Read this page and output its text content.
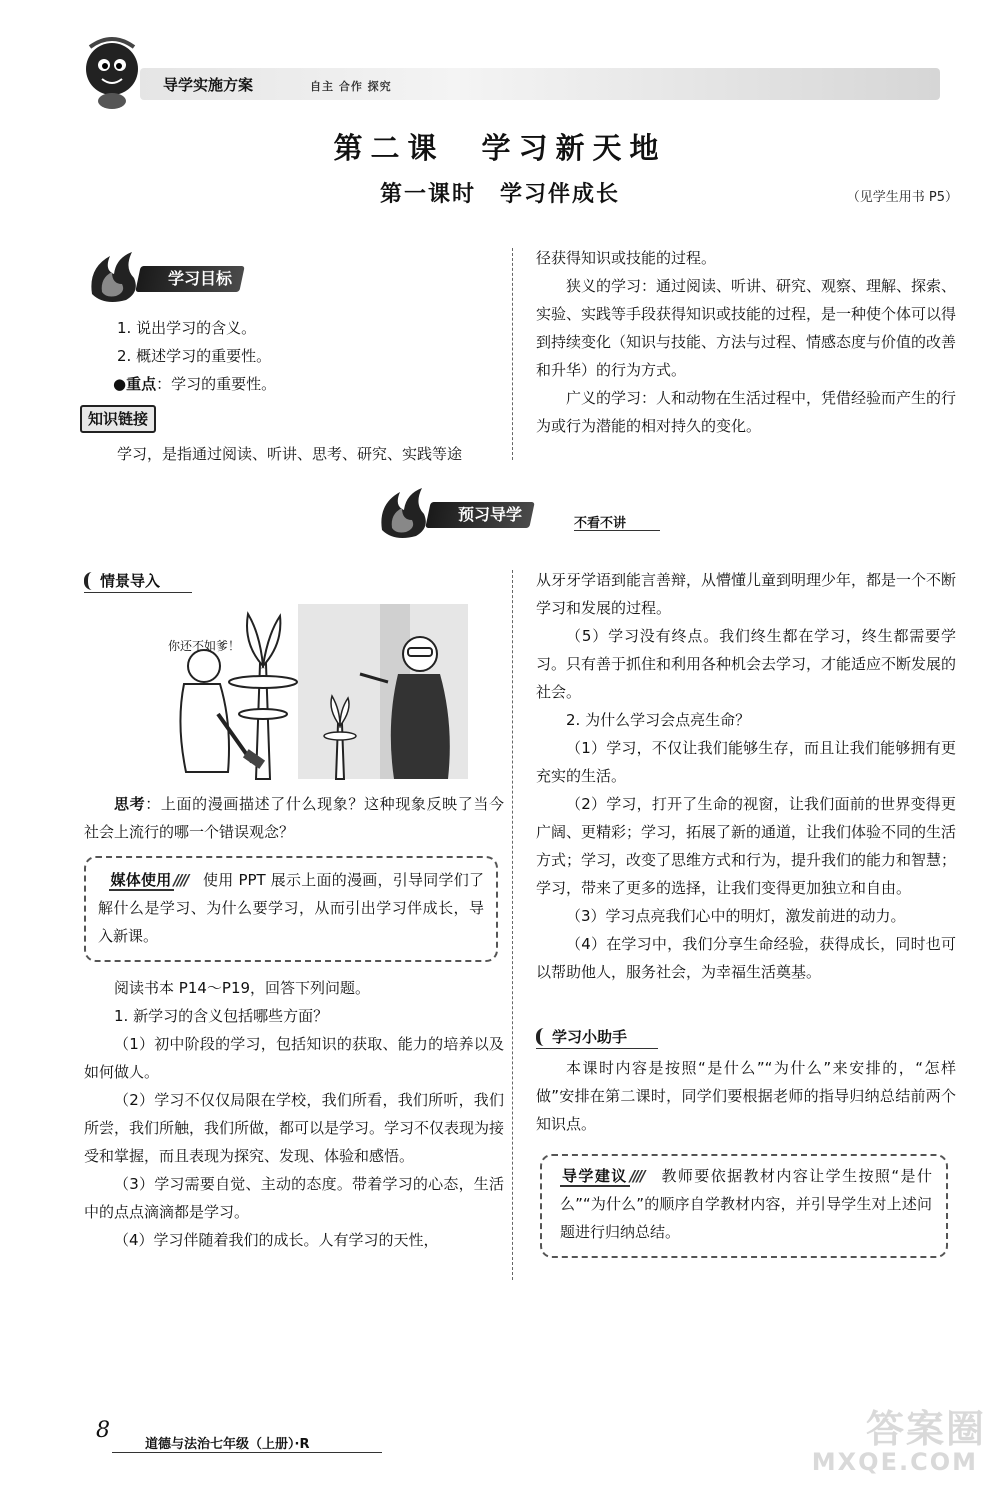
导学实施方案	自主 合作 探究
第二课　学习新天地
第一课时　学习伴成长	（见学生用书 P5）
学习目标

1. 说出学习的含义。

2. 概述学习的重要性。

●重点：学习的重要性。

知识链接
学习，是指通过阅读、听讲、思考、研究、实践等途

径获得知识或技能的过程。

狭义的学习：通过阅读、听讲、研究、观察、理解、探索、实验、实践等手段获得知识或技能的过程，是一种使个体可以得到持续变化（知识与技能、方法与过程、情感态度与价值的改善和升华）的行为方式。

广义的学习：人和动物在生活过程中，凭借经验而产生的行为或行为潜能的相对持久的变化。

预习导学	不看不讲
情景导入
你还不如爹！

思考：上面的漫画描述了什么现象？这种现象反映了当今社会上流行的哪一个错误观念？

媒体使用 ////　 使用 PPT 展示上面的漫画，引导同学们了解什么是学习、为什么要学习，从而引出学习伴成长，导入新课。

阅读书本 P14～P19，回答下列问题。

1. 新学习的含义包括哪些方面？

（1）初中阶段的学习，包括知识的获取、能力的培养以及如何做人。

（2）学习不仅仅局限在学校，我们所看，我们所听，我们所尝，我们所触，我们所做，都可以是学习。学习不仅表现为接受和掌握，而且表现为探究、发现、体验和感悟。

（3）学习需要自觉、主动的态度。带着学习的心态，生活中的点点滴滴都是学习。

（4）学习伴随着我们的成长。人有学习的天性，

从牙牙学语到能言善辩，从懵懂儿童到明理少年，都是一个不断学习和发展的过程。

（5）学习没有终点。我们终生都在学习，终生都需要学习。只有善于抓住和利用各种机会去学习，才能适应不断发展的社会。

2. 为什么学习会点亮生命？

（1）学习，不仅让我们能够生存，而且让我们能够拥有更充实的生活。

（2）学习，打开了生命的视窗，让我们面前的世界变得更广阔、更精彩；学习，拓展了新的通道，让我们体验不同的生活方式；学习，改变了思维方式和行为，提升我们的能力和智慧；学习，带来了更多的选择，让我们变得更加独立和自由。

（3）学习点亮我们心中的明灯，激发前进的动力。

（4）在学习中，我们分享生命经验，获得成长，同时也可以帮助他人，服务社会，为幸福生活奠基。

学习小助手

本课时内容是按照“是什么”“为什么”来安排的，“怎样做”安排在第二课时，同学们要根据老师的指导归纳总结前两个知识点。

导学建议 ////　 教师要依据教材内容让学生按照“是什么”“为什么”的顺序自学教材内容，并引导学生对上述问题进行归纳总结。

8
道德与法治七年级（上册）·R	答案圈
MXQE.COM
